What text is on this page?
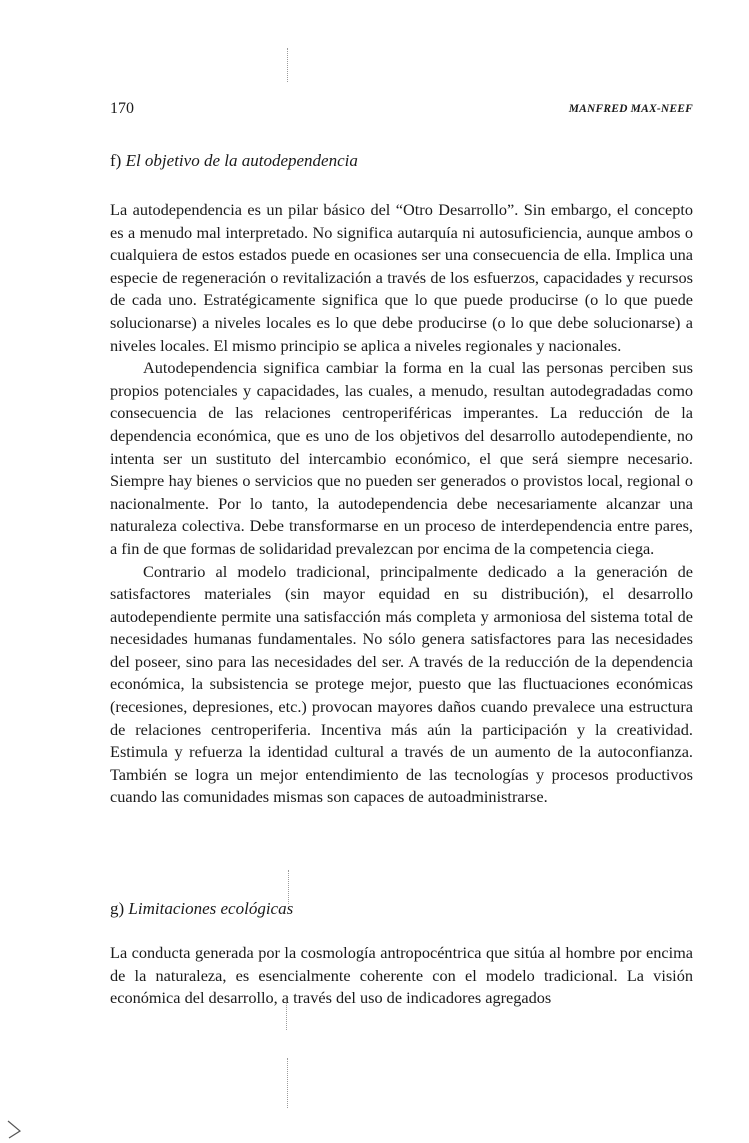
170	MANFRED MAX-NEEF
f) El objetivo de la autodependencia

La autodependencia es un pilar básico del “Otro Desarrollo”. Sin embargo, el concepto es a menudo mal interpretado. No significa autarquía ni autosuficiencia, aunque ambos o cualquiera de estos estados puede en ocasiones ser una consecuencia de ella. Implica una especie de regeneración o revitalización a través de los esfuerzos, capacidades y recursos de cada uno. Estratégicamente significa que lo que puede producirse (o lo que puede solucionarse) a niveles locales es lo que debe producirse (o lo que debe solucionarse) a niveles locales. El mismo principio se aplica a niveles regionales y nacionales.

Autodependencia significa cambiar la forma en la cual las personas perciben sus propios potenciales y capacidades, las cuales, a menudo, resultan autodegradadas como consecuencia de las relaciones centroperiféricas imperantes. La reducción de la dependencia económica, que es uno de los objetivos del desarrollo autodependiente, no intenta ser un sustituto del intercambio económico, el que será siempre necesario. Siempre hay bienes o servicios que no pueden ser generados o provistos local, regional o nacionalmente. Por lo tanto, la autodependencia debe necesariamente alcanzar una naturaleza colectiva. Debe transformarse en un proceso de interdependencia entre pares, a fin de que formas de solidaridad prevalezcan por encima de la competencia ciega.

Contrario al modelo tradicional, principalmente dedicado a la generación de satisfactores materiales (sin mayor equidad en su distribución), el desarrollo autodependiente permite una satisfacción más completa y armoniosa del sistema total de necesidades humanas fundamentales. No sólo genera satisfactores para las necesidades del poseer, sino para las necesidades del ser. A través de la reducción de la dependencia económica, la subsistencia se protege mejor, puesto que las fluctuaciones económicas (recesiones, depresiones, etc.) provocan mayores daños cuando prevalece una estructura de relaciones centroperiferia. Incentiva más aún la participación y la creatividad. Estimula y refuerza la identidad cultural a través de un aumento de la autoconfianza. También se logra un mejor entendimiento de las tecnologías y procesos productivos cuando las comunidades mismas son capaces de autoadministrarse.

g) Limitaciones ecológicas

La conducta generada por la cosmología antropocéntrica que sitúa al hombre por encima de la naturaleza, es esencialmente coherente con el modelo tradicional. La visión económica del desarrollo, a través del uso de indicadores agregados
